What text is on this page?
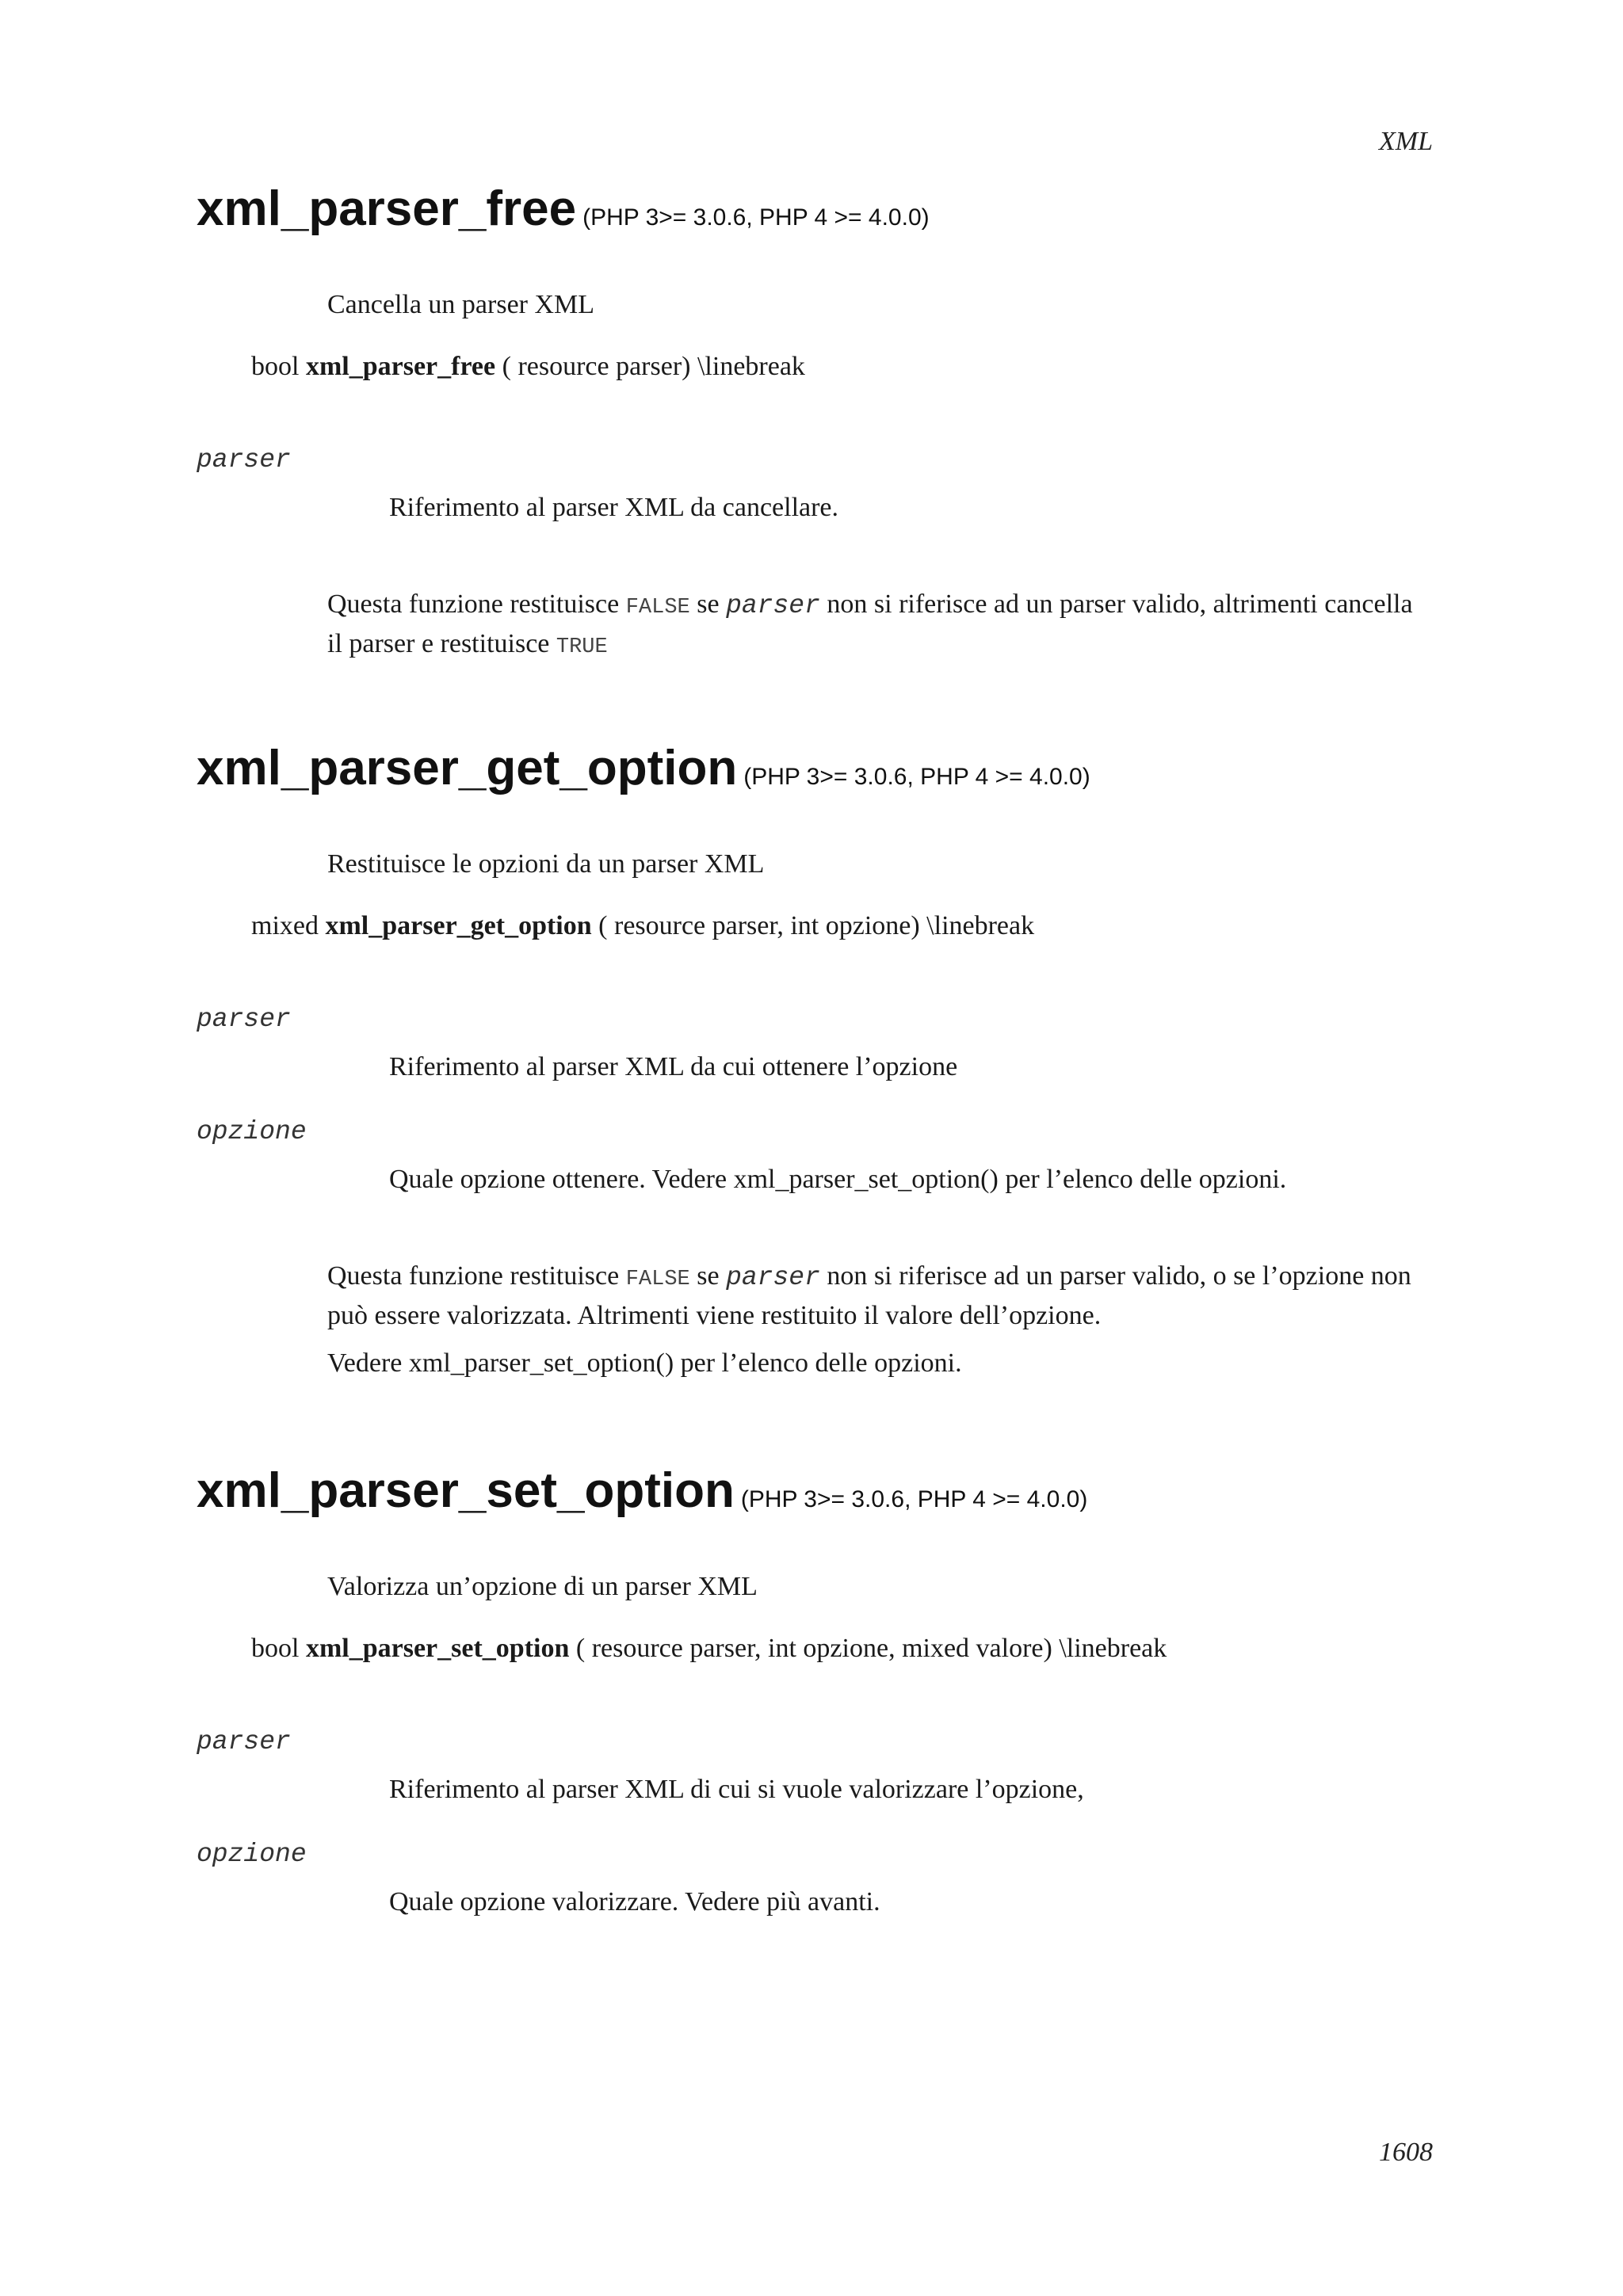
XML
1608
xml_parser_free (PHP 3>= 3.0.6, PHP 4 >= 4.0.0)
Cancella un parser XML
bool xml_parser_free ( resource parser) \linebreak
parser
Riferimento al parser XML da cancellare.
Questa funzione restituisce FALSE se parser non si riferisce ad un parser valido, altrimenti cancella il parser e restituisce TRUE
xml_parser_get_option (PHP 3>= 3.0.6, PHP 4 >= 4.0.0)
Restituisce le opzioni da un parser XML
mixed xml_parser_get_option ( resource parser, int opzione) \linebreak
parser
Riferimento al parser XML da cui ottenere l’opzione
opzione
Quale opzione ottenere. Vedere xml_parser_set_option() per l’elenco delle opzioni.
Questa funzione restituisce FALSE se parser non si riferisce ad un parser valido, o se l’opzione non può essere valorizzata. Altrimenti viene restituito il valore dell’opzione.
Vedere xml_parser_set_option() per l’elenco delle opzioni.
xml_parser_set_option (PHP 3>= 3.0.6, PHP 4 >= 4.0.0)
Valorizza un’opzione di un parser XML
bool xml_parser_set_option ( resource parser, int opzione, mixed valore) \linebreak
parser
Riferimento al parser XML di cui si vuole valorizzare l’opzione,
opzione
Quale opzione valorizzare. Vedere più avanti.
